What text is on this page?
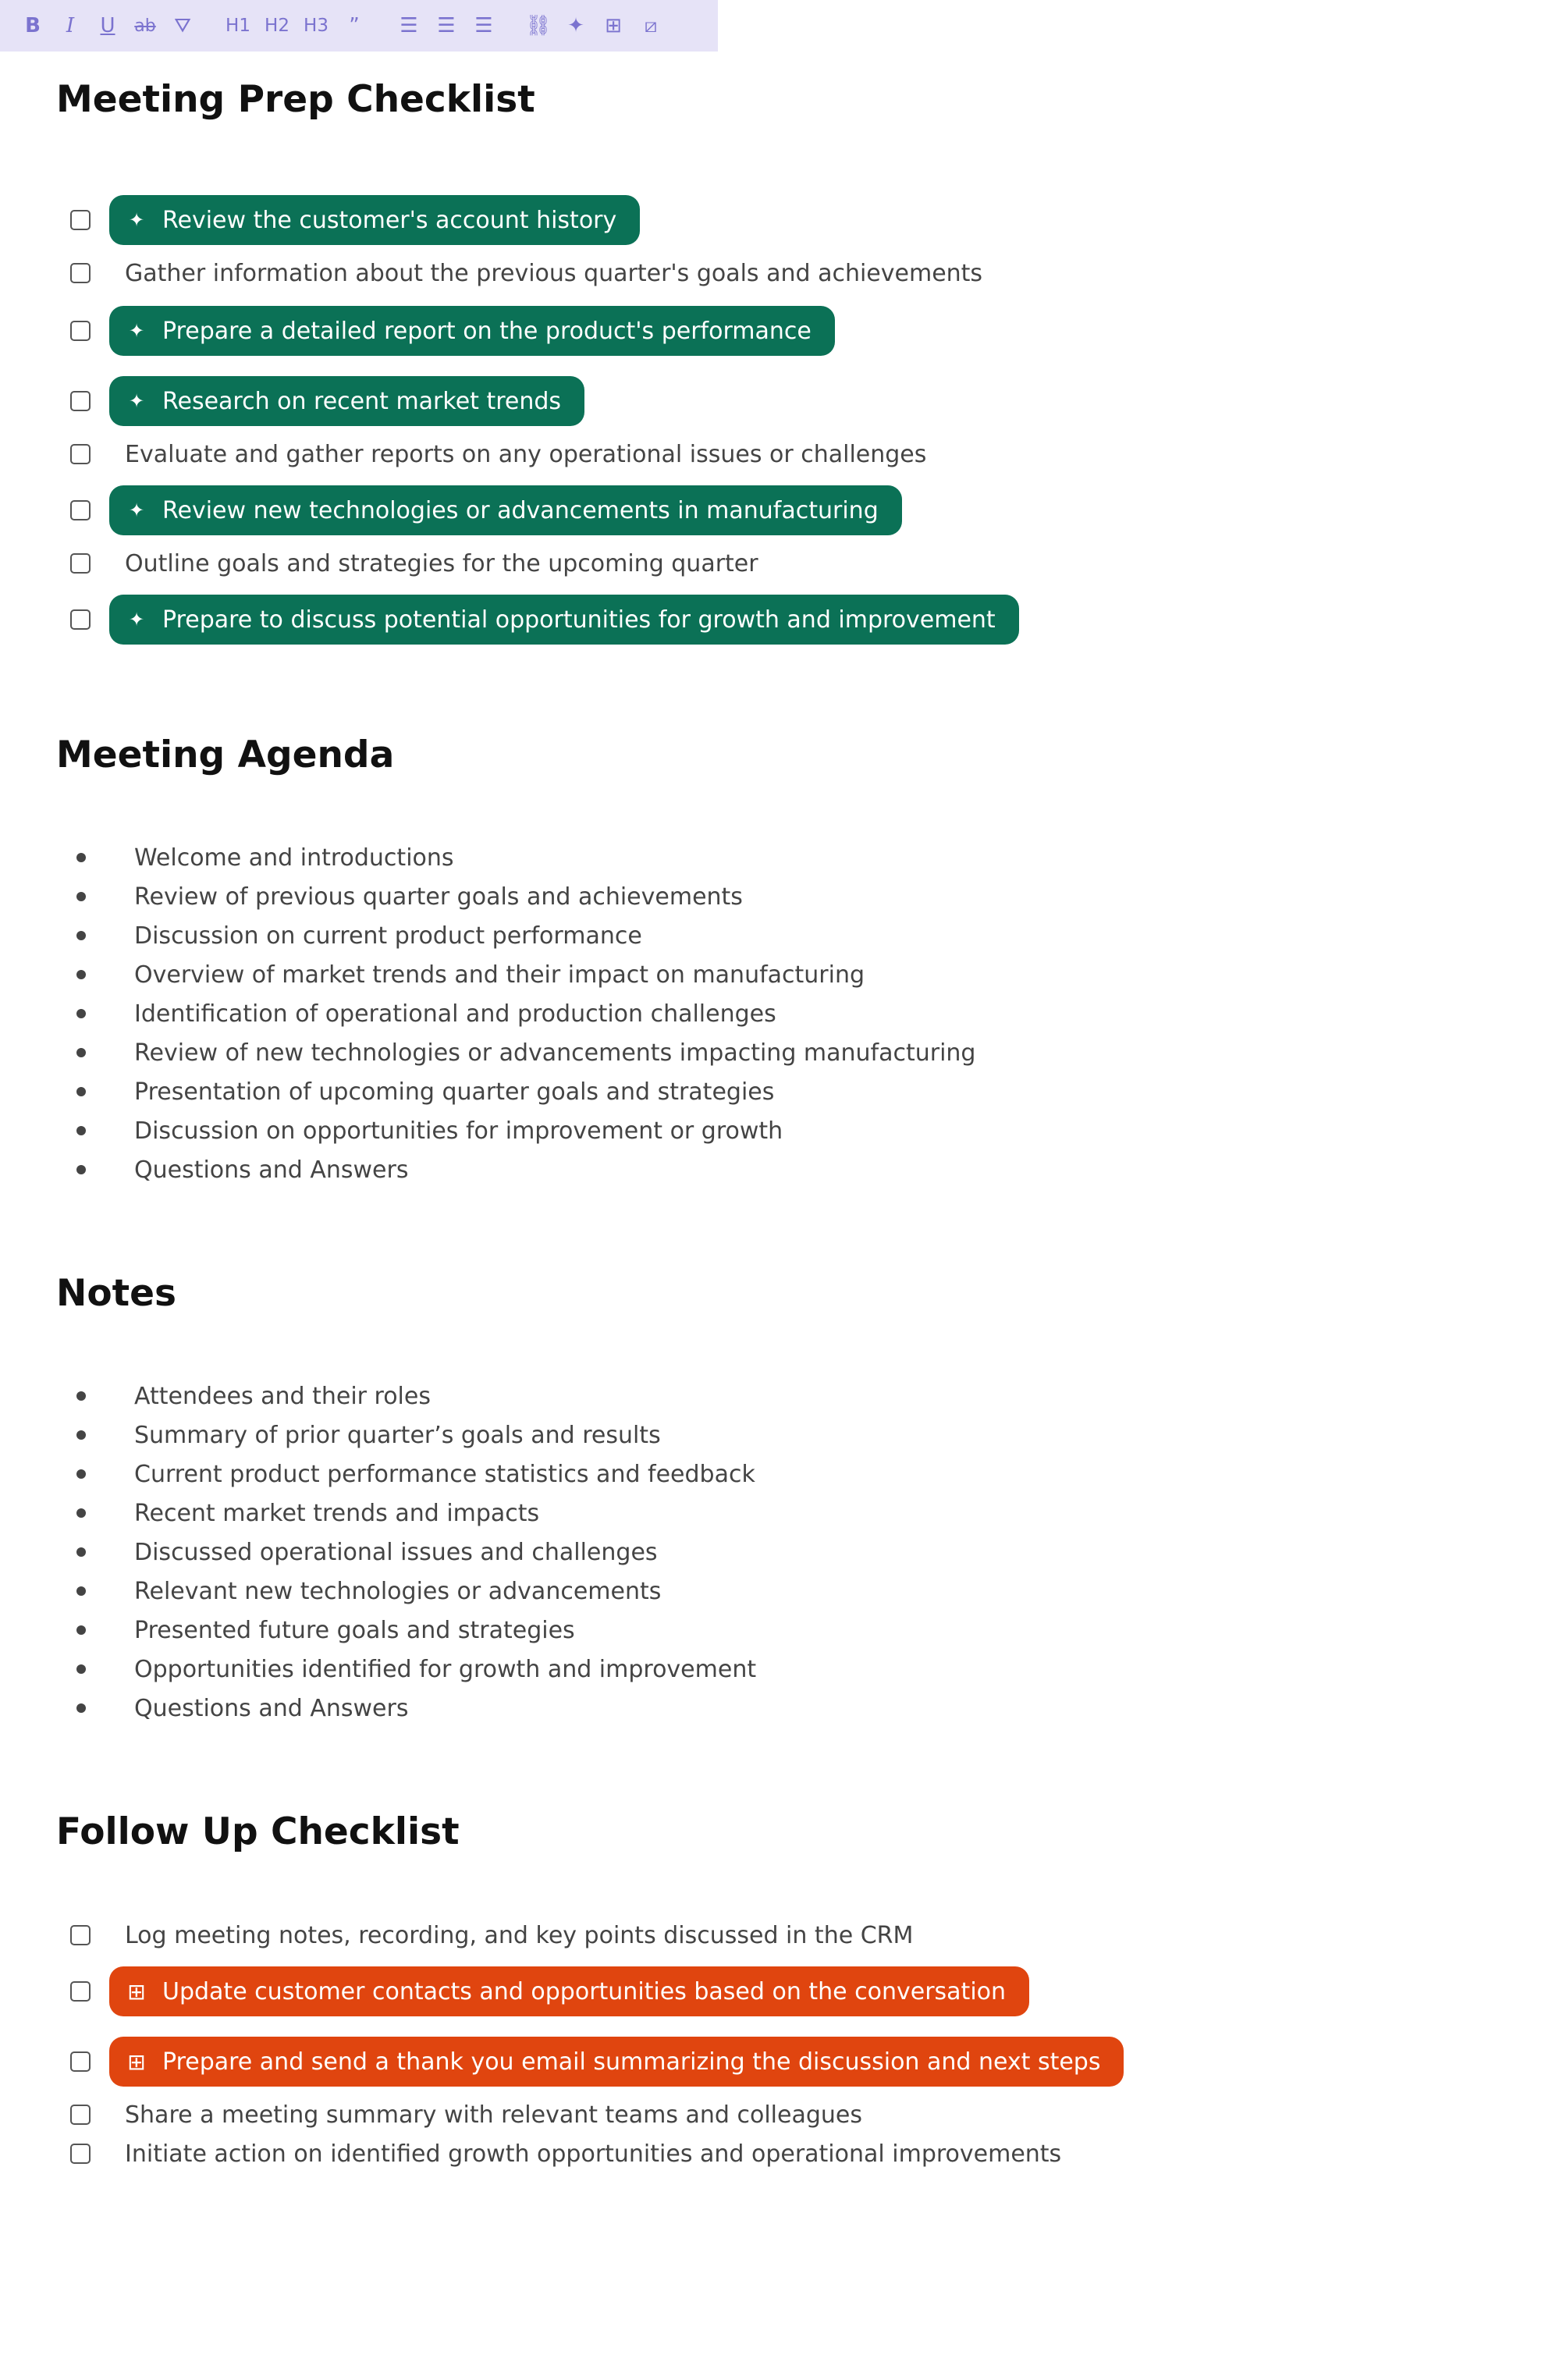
B	I	U	ab ⛛	H1 H2 H3	”	☰ ☰ ☰	⛓ ✦	⊞	⧄
Meeting Prep Checklist
✦ Review the customer's account history
Gather information about the previous quarter's goals and achievements
✦ Prepare a detailed report on the product's performance
✦ Research on recent market trends
Evaluate and gather reports on any operational issues or challenges
✦ Review new technologies or advancements in manufacturing
Outline goals and strategies for the upcoming quarter
✦ Prepare to discuss potential opportunities for growth and improvement
Meeting Agenda
Welcome and introductions
Review of previous quarter goals and achievements
Discussion on current product performance
Overview of market trends and their impact on manufacturing
Identification of operational and production challenges
Review of new technologies or advancements impacting manufacturing
Presentation of upcoming quarter goals and strategies
Discussion on opportunities for improvement or growth
Questions and Answers
Notes
Attendees and their roles
Summary of prior quarter’s goals and results
Current product performance statistics and feedback
Recent market trends and impacts
Discussed operational issues and challenges
Relevant new technologies or advancements
Presented future goals and strategies
Opportunities identified for growth and improvement
Questions and Answers
Follow Up Checklist
Log meeting notes, recording, and key points discussed in the CRM
⊞ Update customer contacts and opportunities based on the conversation
⊞ Prepare and send a thank you email summarizing the discussion and next steps
Share a meeting summary with relevant teams and colleagues
Initiate action on identified growth opportunities and operational improvements
